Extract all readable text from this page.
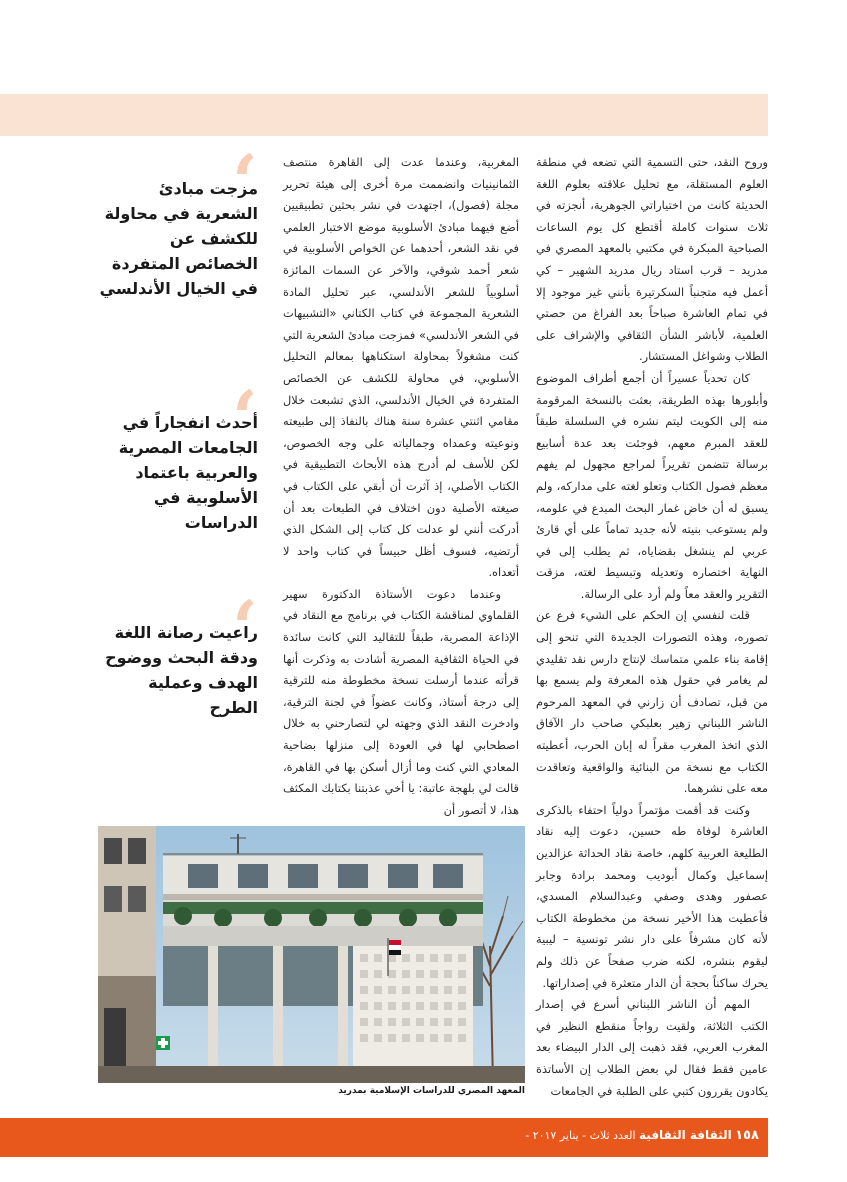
وروح النقد، حتى التسمية التي تضعه في منطقة العلوم المستقلة، مع تحليل علاقته بعلوم اللغة الحديثة كانت من اختياراتي الجوهرية، أنجزته في ثلاث سنوات كاملة أقتطع كل يوم الساعات الصباحية المبكرة في مكتبي بالمعهد المصري في مدريد – قرب استاد ريال مدريد الشهير – كي أعمل فيه متجنباً السكرتيرة بأنني غير موجود إلا في تمام العاشرة صباحاً بعد الفراغ من حصتي العلمية، لأباشر الشأن الثقافي والإشراف على الطلاب وشواغل المستشار.

كان تحدياً عسيراً أن أجمع أطراف الموضوع وأبلورها بهذه الطريقة، بعثت بالنسخة المرقومة منه إلى الكويت ليتم نشره في السلسلة طبقاً للعقد المبرم معهم، فوجئت بعد عدة أسابيع برسالة تتضمن تقريراً لمراجع مجهول لم يفهم معظم فصول الكتاب وتعلو لغته على مداركه، ولم يسبق له أن خاض غمار البحث المبدع في علومه، ولم يستوعب بنيته لأنه جديد تماماً على أي قارئ عربي لم ينشغل بقضاياه، ثم يطلب إلى في النهاية اختصاره وتعديله وتبسيط لغته، مزقت التقرير والعقد معاً ولم أرد على الرسالة.

قلت لنفسي إن الحكم على الشيء فرع عن تصوره، وهذه التصورات الجديدة التي تنحو إلى إقامة بناء علمي متماسك لإنتاج دارس نقد تقليدي لم يغامر في حقول هذه المعرفة ولم يسمع بها من قبل، تصادف أن زارني في المعهد المرحوم الناشر اللبناني زهير بعلبكي صاحب دار الآفاق الذي اتخذ المغرب مقراً له إبان الحرب، أعطيته الكتاب مع نسخة من البنائية والواقعية وتعاقدت معه على نشرهما.

وكنت قد أقمت مؤتمراً دولياً احتفاء بالذكرى العاشرة لوفاة طه حسين، دعوت إليه نقاد الطليعة العربية كلهم، خاصة نقاد الحداثة عزالدين إسماعيل وكمال أبوديب ومحمد برادة وجابر عصفور وهدى وصفي وعبدالسلام المسدي، فأعطيت هذا الأخير نسخة من مخطوطة الكتاب لأنه كان مشرفاً على دار نشر تونسية – ليبية ليقوم بنشره، لكنه ضرب صفحاً عن ذلك ولم يحرك ساكناً بحجة أن الدار متعثرة في إصداراتها.

المهم أن الناشر اللبناني أسرع في إصدار الكتب الثلاثة، ولقيت رواجاً منقطع النظير في المغرب العربي، فقد ذهبت إلى الدار البيضاء بعد عامين فقط فقال لي بعض الطلاب إن الأساتذة يكادون يقررون كتبي على الطلبة في الجامعات

المغربية، وعندما عدت إلى القاهرة منتصف الثمانينيات وانضممت مرة أخرى إلى هيئة تحرير مجلة (فصول)، اجتهدت في نشر بحثين تطبيقيين أضع فيهما مبادئ الأسلوبية موضع الاختبار العلمي في نقد الشعر، أحدهما عن الخواص الأسلوبية في شعر أحمد شوقي، والآخر عن السمات المائزة أسلوبياً للشعر الأندلسي، عبر تحليل المادة الشعرية المجموعة في كتاب الكتاني «التشبيهات في الشعر الأندلسي» فمزجت مبادئ الشعرية التي كنت مشغولاً بمحاولة استكناهها بمعالم التحليل الأسلوبي، في محاولة للكشف عن الخصائص المتفردة في الخيال الأندلسي، الذي تشبعت خلال مقامي اثنتي عشرة سنة هناك بالنفاذ إلى طبيعته ونوعيته وعمداه وجمالياته على وجه الخصوص، لكن للأسف لم أدرج هذه الأبحاث التطبيقية في الكتاب الأصلي، إذ آثرت أن أبقي على الكتاب في صيغته الأصلية دون اختلاف في الطبعات بعد أن أدركت أنني لو عدلت كل كتاب إلى الشكل الذي أرتضيه، فسوف أظل حبيساً في كتاب واحد لا أتعداه.

وعندما دعوت الأستاذة الدكتورة سهير القلماوي لمناقشة الكتاب في برنامج مع النقاد في الإذاعة المصرية، طبقاً للتقاليد التي كانت سائدة في الحياة الثقافية المصرية أشادت به وذكرت أنها قرأته عندما أرسلت نسخة مخطوطة منه للترقية إلى درجة أستاذ، وكانت عضواً في لجنة الترقية، وادخرت النقد الذي وجهته لي لتصارحني به خلال اصطحابي لها في العودة إلى منزلها بضاحية المعادي التي كنت وما أزال أسكن بها في القاهرة، قالت لي بلهجة عاتبة: يا أخي عذبتنا بكتابك المكثف هذا، لا أتصور أن

‘
مزجت مبادئ الشعرية في محاولة للكشف عن الخصائص المتفردة في الخيال الأندلسي
‘
أحدث انفجاراً في الجامعات المصرية والعربية باعتماد الأسلوبية في الدراسات
‘
راعيت رصانة اللغة ودقة البحث ووضوح الهدف وعملية الطرح
المعهد المصري للدراسات الإسلامية بمدريد
١٥٨ الثقافة الثقافية العدد ثلاث - يناير ٢٠١٧ -
